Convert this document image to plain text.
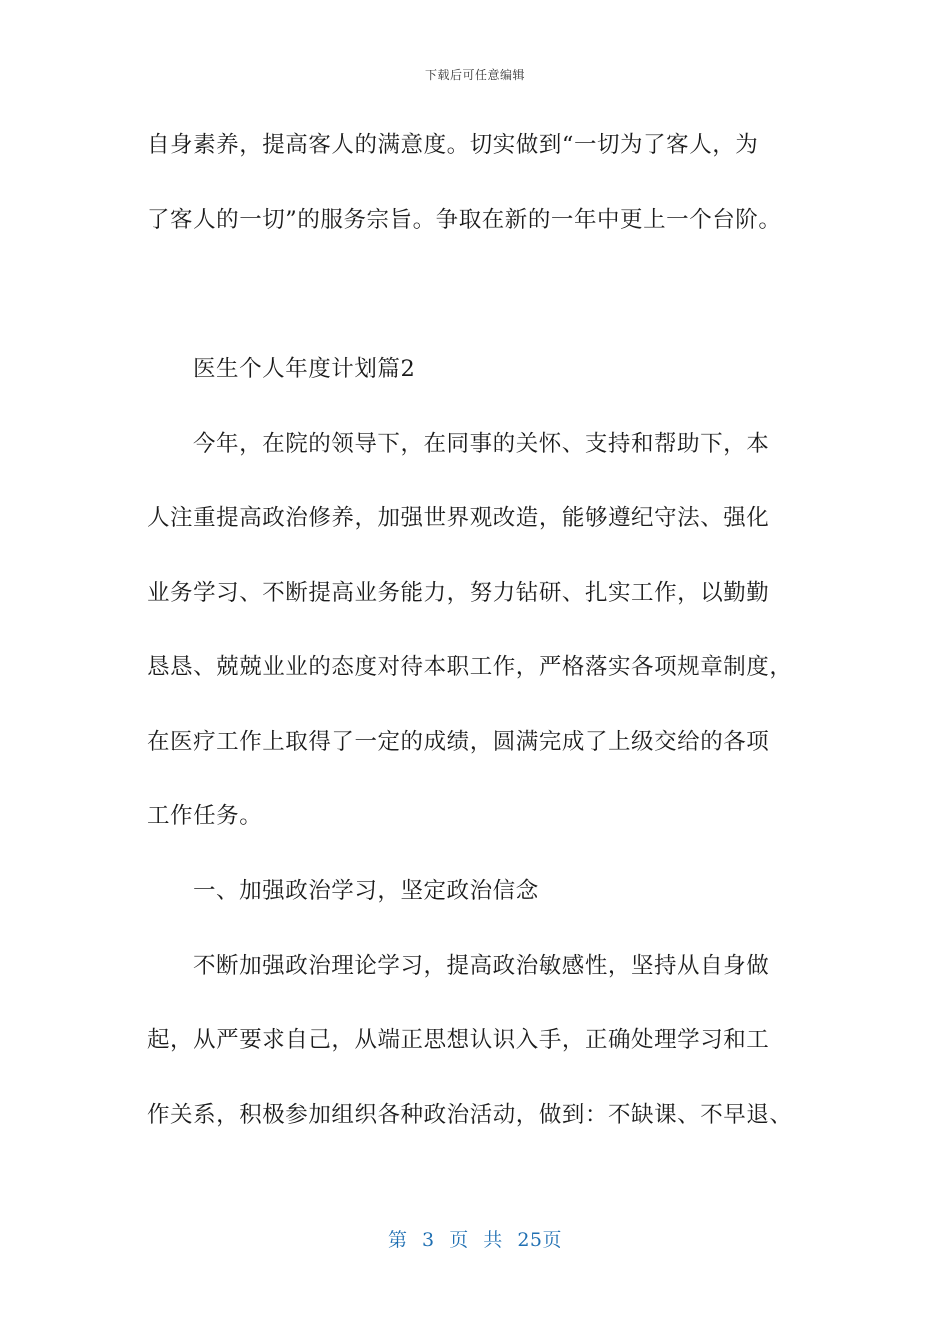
下载后可任意编辑
自身素养，提高客人的满意度。切实做到“一切为了客人，为
了客人的一切”的服务宗旨。争取在新的一年中更上一个台阶。
医生个人年度计划篇2
今年，在院的领导下，在同事的关怀、支持和帮助下，本
人注重提高政治修养，加强世界观改造，能够遵纪守法、强化
业务学习、不断提高业务能力，努力钻研、扎实工作，以勤勤
恳恳、兢兢业业的态度对待本职工作，严格落实各项规章制度，
在医疗工作上取得了一定的成绩，圆满完成了上级交给的各项
工作任务。
一、加强政治学习，坚定政治信念
不断加强政治理论学习，提高政治敏感性，坚持从自身做
起，从严要求自己，从端正思想认识入手，正确处理学习和工
作关系，积极参加组织各种政治活动，做到：不缺课、不早退、
第 3 页 共 25页
